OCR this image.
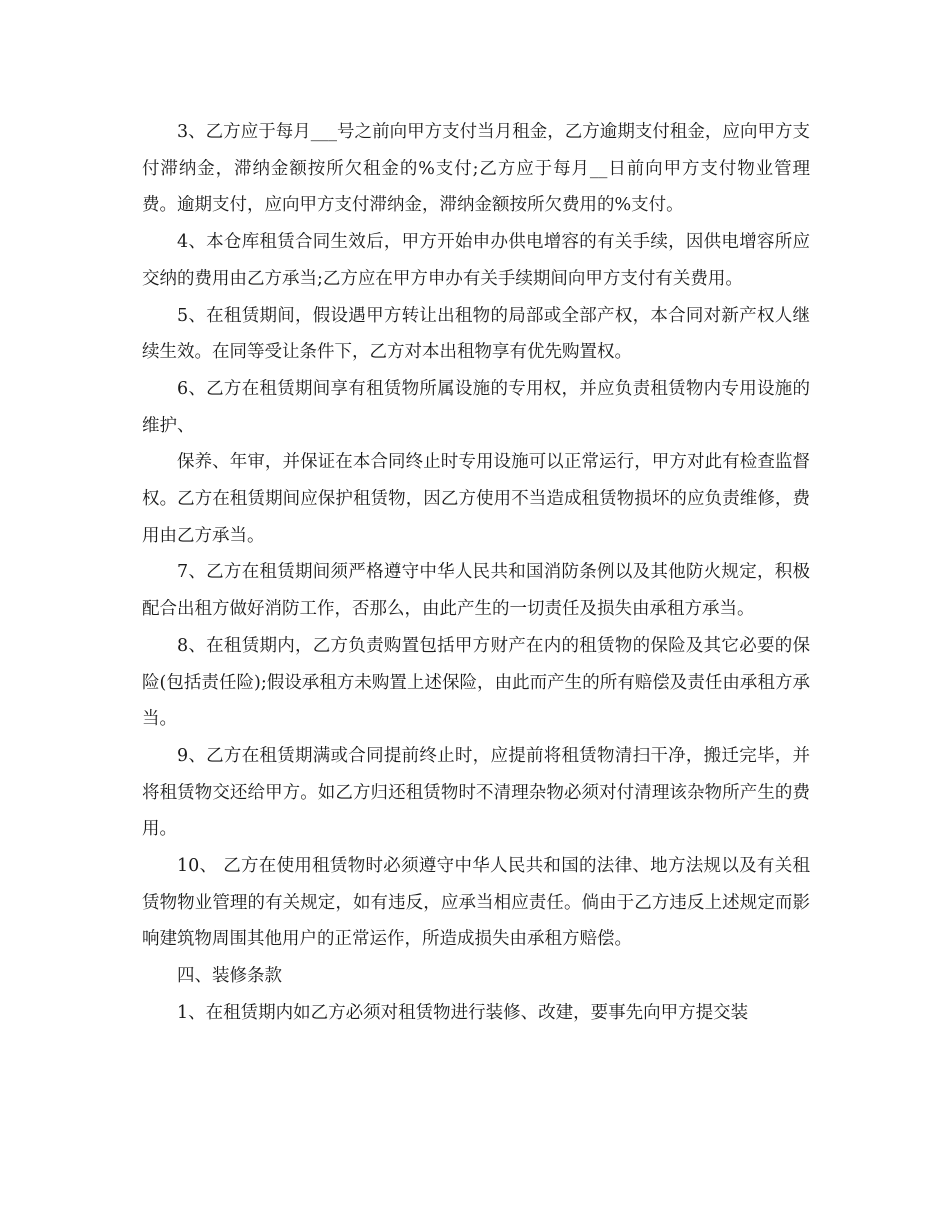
3、乙方应于每月___号之前向甲方支付当月租金，乙方逾期支付租金，应向甲方支付滞纳金，滞纳金额按所欠租金的%支付;乙方应于每月__日前向甲方支付物业管理费。逾期支付，应向甲方支付滞纳金，滞纳金额按所欠费用的%支付。

4、本仓库租赁合同生效后，甲方开始申办供电增容的有关手续，因供电增容所应交纳的费用由乙方承当;乙方应在甲方申办有关手续期间向甲方支付有关费用。

5、在租赁期间，假设遇甲方转让出租物的局部或全部产权，本合同对新产权人继续生效。在同等受让条件下，乙方对本出租物享有优先购置权。

6、乙方在租赁期间享有租赁物所属设施的专用权，并应负责租赁物内专用设施的维护、

保养、年审，并保证在本合同终止时专用设施可以正常运行，甲方对此有检查监督权。乙方在租赁期间应保护租赁物，因乙方使用不当造成租赁物损坏的应负责维修，费用由乙方承当。

7、乙方在租赁期间须严格遵守中华人民共和国消防条例以及其他防火规定，积极配合出租方做好消防工作，否那么，由此产生的一切责任及损失由承租方承当。

8、在租赁期内，乙方负责购置包括甲方财产在内的租赁物的保险及其它必要的保险(包括责任险);假设承租方未购置上述保险，由此而产生的所有赔偿及责任由承租方承当。

9、乙方在租赁期满或合同提前终止时，应提前将租赁物清扫干净，搬迁完毕，并将租赁物交还给甲方。如乙方归还租赁物时不清理杂物必须对付清理该杂物所产生的费用。

10、 乙方在使用租赁物时必须遵守中华人民共和国的法律、地方法规以及有关租赁物物业管理的有关规定，如有违反，应承当相应责任。倘由于乙方违反上述规定而影响建筑物周围其他用户的正常运作，所造成损失由承租方赔偿。

四、装修条款

1、在租赁期内如乙方必须对租赁物进行装修、改建，要事先向甲方提交装
